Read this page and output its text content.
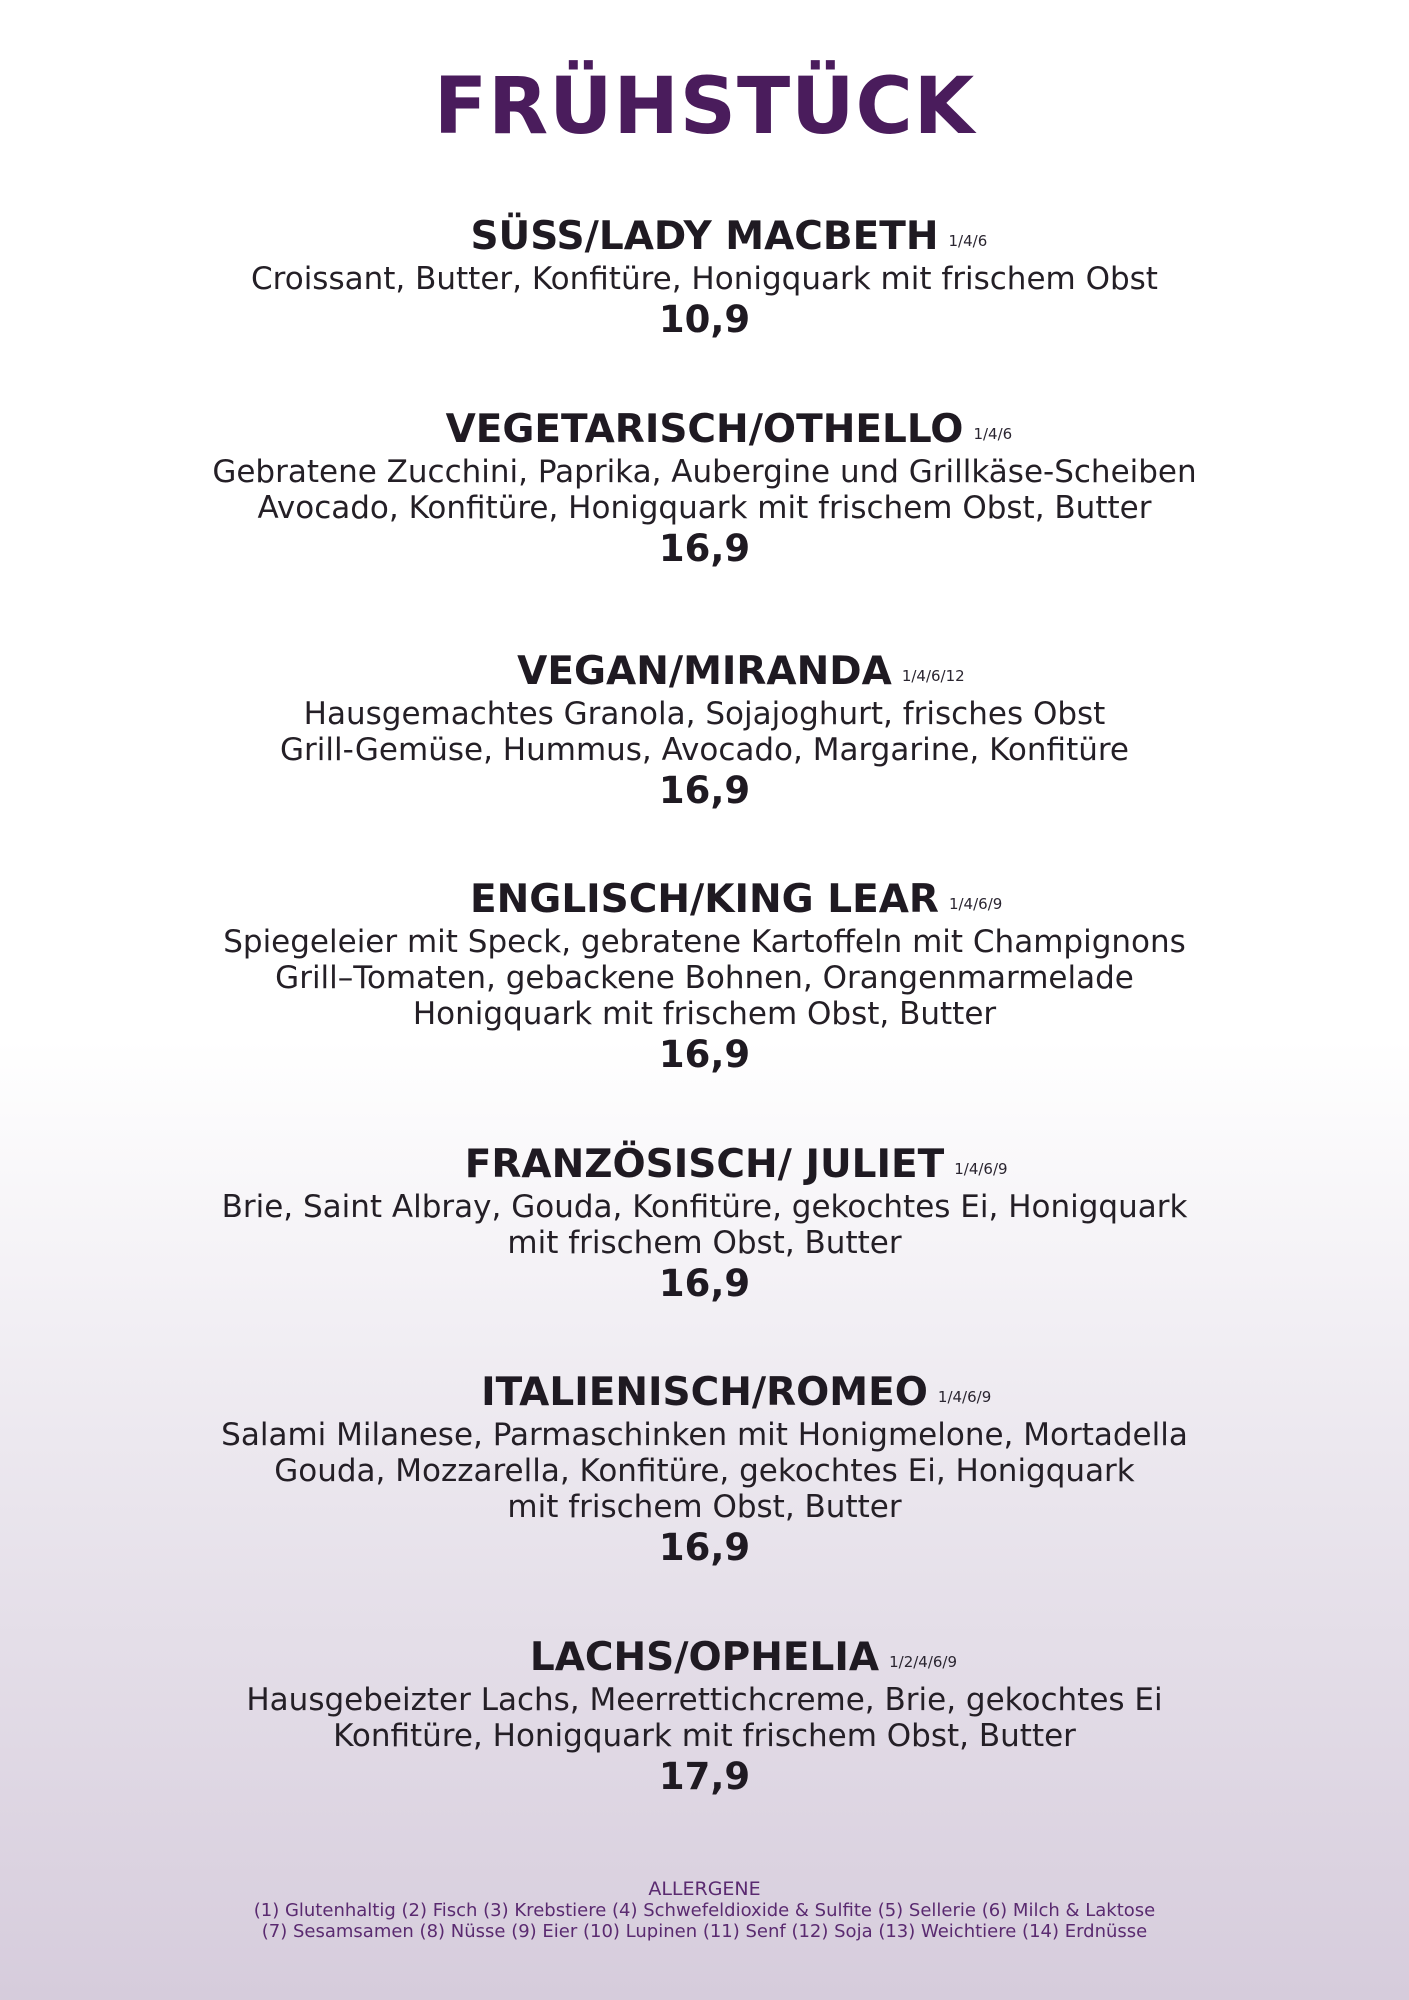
FRÜHSTÜCK
SÜSS/LADY MACBETH 1/4/6

Croissant, Butter, Konfitüre, Honigquark mit frischem Obst

10,9
VEGETARISCH/OTHELLO 1/4/6

Gebratene Zucchini, Paprika, Aubergine und Grillkäse-Scheiben

Avocado, Konfitüre, Honigquark mit frischem Obst, Butter

16,9
VEGAN/MIRANDA 1/4/6/12

Hausgemachtes Granola, Sojajoghurt, frisches Obst

Grill-Gemüse, Hummus, Avocado, Margarine, Konfitüre

16,9
ENGLISCH/KING LEAR 1/4/6/9

Spiegeleier mit Speck, gebratene Kartoffeln mit Champignons

Grill–Tomaten, gebackene Bohnen, Orangenmarmelade

Honigquark mit frischem Obst, Butter

16,9
FRANZÖSISCH/ JULIET 1/4/6/9

Brie, Saint Albray, Gouda, Konfitüre, gekochtes Ei, Honigquark

mit frischem Obst, Butter

16,9
ITALIENISCH/ROMEO 1/4/6/9

Salami Milanese, Parmaschinken mit Honigmelone, Mortadella

Gouda, Mozzarella, Konfitüre, gekochtes Ei, Honigquark

mit frischem Obst, Butter

16,9
LACHS/OPHELIA 1/2/4/6/9

Hausgebeizter Lachs, Meerrettichcreme, Brie, gekochtes Ei

Konfitüre, Honigquark mit frischem Obst, Butter

17,9
ALLERGENE
(1) Glutenhaltig (2) Fisch (3) Krebstiere (4) Schwefeldioxide & Sulfite (5) Sellerie (6) Milch & Laktose
(7) Sesamsamen (8) Nüsse (9) Eier (10) Lupinen (11) Senf (12) Soja (13) Weichtiere (14) Erdnüsse
